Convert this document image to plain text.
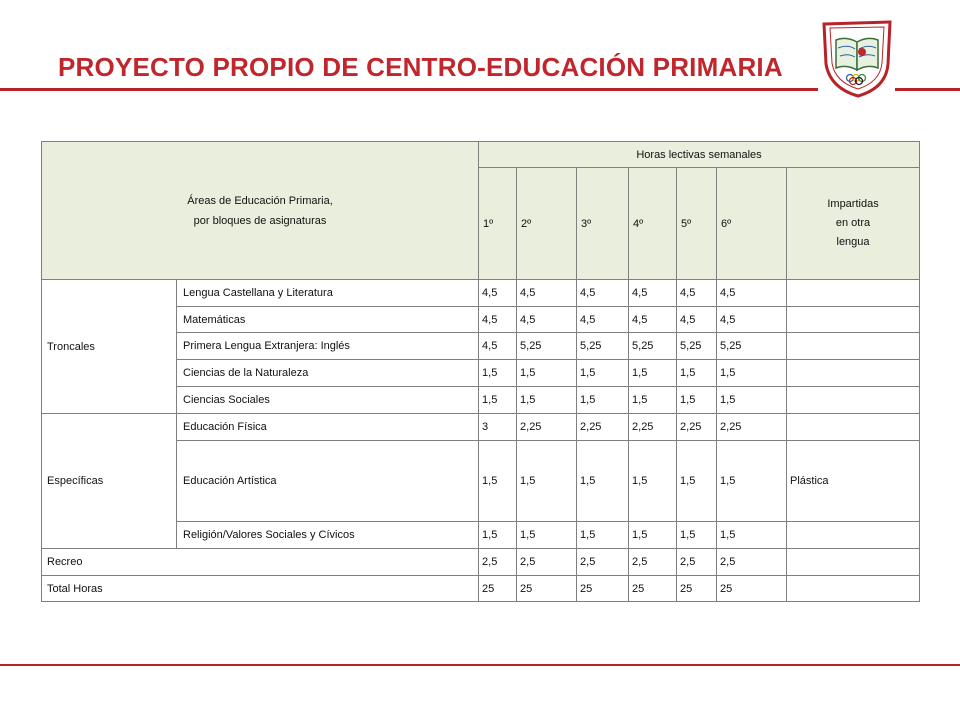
PROYECTO PROPIO DE CENTRO-EDUCACIÓN PRIMARIA
Áreas de Educación Primaria,
por bloques de asignaturas		Horas lectivas semanales						
		1º	2º	3º	4º	5º	6º	Impartidas
en otra
lengua

Troncales	Lengua Castellana y Literatura	4,5	4,5	4,5	4,5	4,5	4,5	
	Matemáticas	4,5	4,5	4,5	4,5	4,5	4,5	
	Primera Lengua Extranjera: Inglés	4,5	5,25	5,25	5,25	5,25	5,25	
	Ciencias de la Naturaleza	1,5	1,5	1,5	1,5	1,5	1,5	
	Ciencias Sociales	1,5	1,5	1,5	1,5	1,5	1,5	
Específicas	Educación Física	3	2,25	2,25	2,25	2,25	2,25	
	Educación Artística	1,5	1,5	1,5	1,5	1,5	1,5	Plástica
	Religión/Valores Sociales y Cívicos	1,5	1,5	1,5	1,5	1,5	1,5	
Recreo		2,5	2,5	2,5	2,5	2,5	2,5	
Total Horas		25	25	25	25	25	25	
